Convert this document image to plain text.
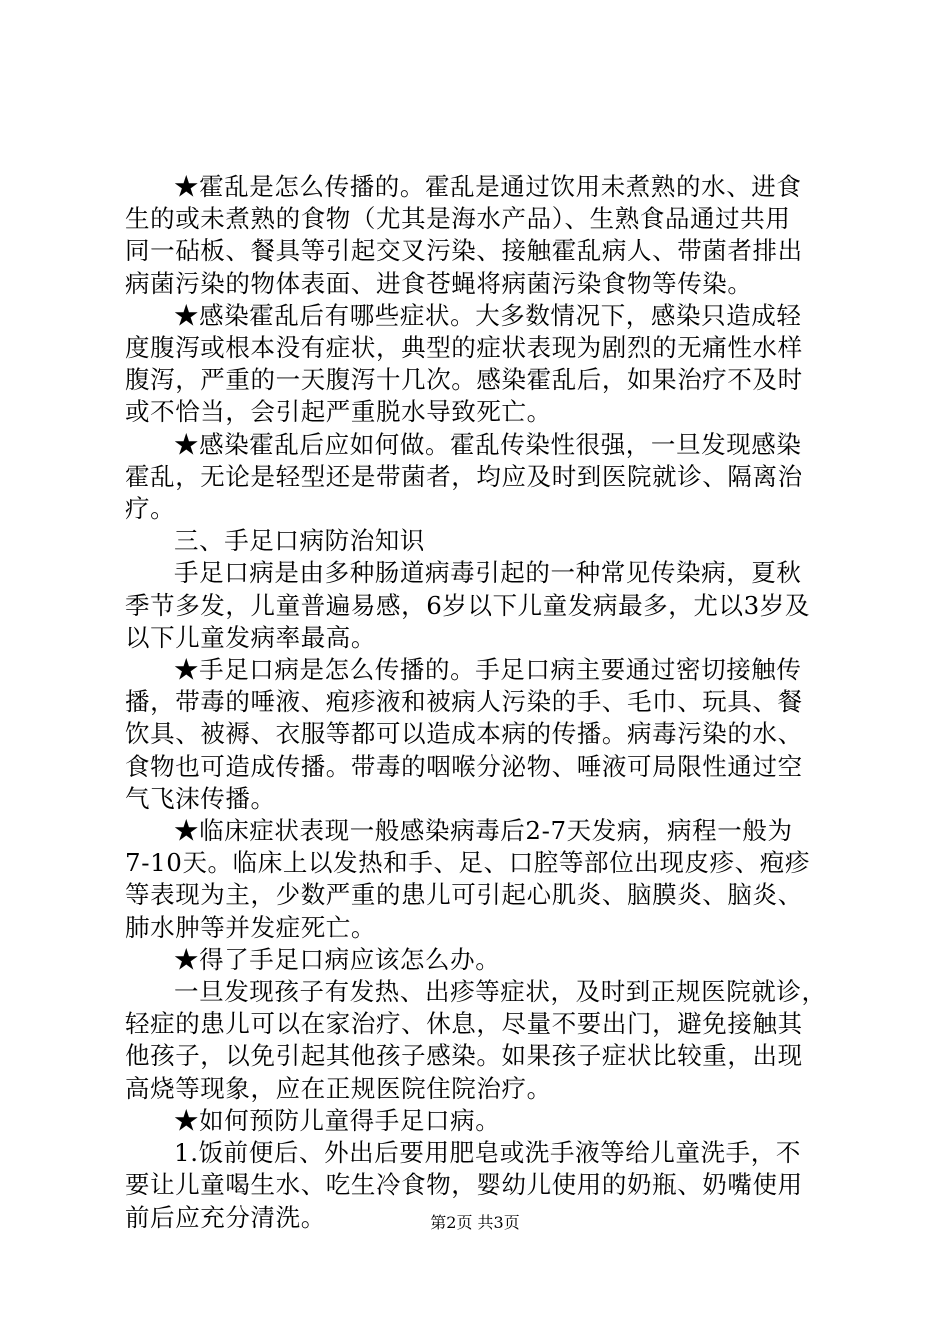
★霍乱是怎么传播的。霍乱是通过饮用未煮熟的水、进食
生的或未煮熟的食物（尤其是海水产品）、生熟食品通过共用
同一砧板、餐具等引起交叉污染、接触霍乱病人、带菌者排出
病菌污染的物体表面、进食苍蝇将病菌污染食物等传染。

★感染霍乱后有哪些症状。大多数情况下，感染只造成轻
度腹泻或根本没有症状，典型的症状表现为剧烈的无痛性水样
腹泻，严重的一天腹泻十几次。感染霍乱后，如果治疗不及时
或不恰当，会引起严重脱水导致死亡。

★感染霍乱后应如何做。霍乱传染性很强，一旦发现感染
霍乱，无论是轻型还是带菌者，均应及时到医院就诊、隔离治
疗。

三、手足口病防治知识

手足口病是由多种肠道病毒引起的一种常见传染病，夏秋
季节多发，儿童普遍易感，6岁以下儿童发病最多，尤以3岁及
以下儿童发病率最高。

★手足口病是怎么传播的。手足口病主要通过密切接触传
播，带毒的唾液、疱疹液和被病人污染的手、毛巾、玩具、餐
饮具、被褥、衣服等都可以造成本病的传播。病毒污染的水、
食物也可造成传播。带毒的咽喉分泌物、唾液可局限性通过空
气飞沫传播。

★临床症状表现一般感染病毒后2-7天发病，病程一般为
7-10天。临床上以发热和手、足、口腔等部位出现皮疹、疱疹
等表现为主，少数严重的患儿可引起心肌炎、脑膜炎、脑炎、
肺水肿等并发症死亡。

★得了手足口病应该怎么办。

一旦发现孩子有发热、出疹等症状，及时到正规医院就诊，
轻症的患儿可以在家治疗、休息，尽量不要出门，避免接触其
他孩子，以免引起其他孩子感染。如果孩子症状比较重，出现
高烧等现象，应在正规医院住院治疗。

★如何预防儿童得手足口病。

1.饭前便后、外出后要用肥皂或洗手液等给儿童洗手，不
要让儿童喝生水、吃生冷食物，婴幼儿使用的奶瓶、奶嘴使用
前后应充分清洗。	第2页 共3页
